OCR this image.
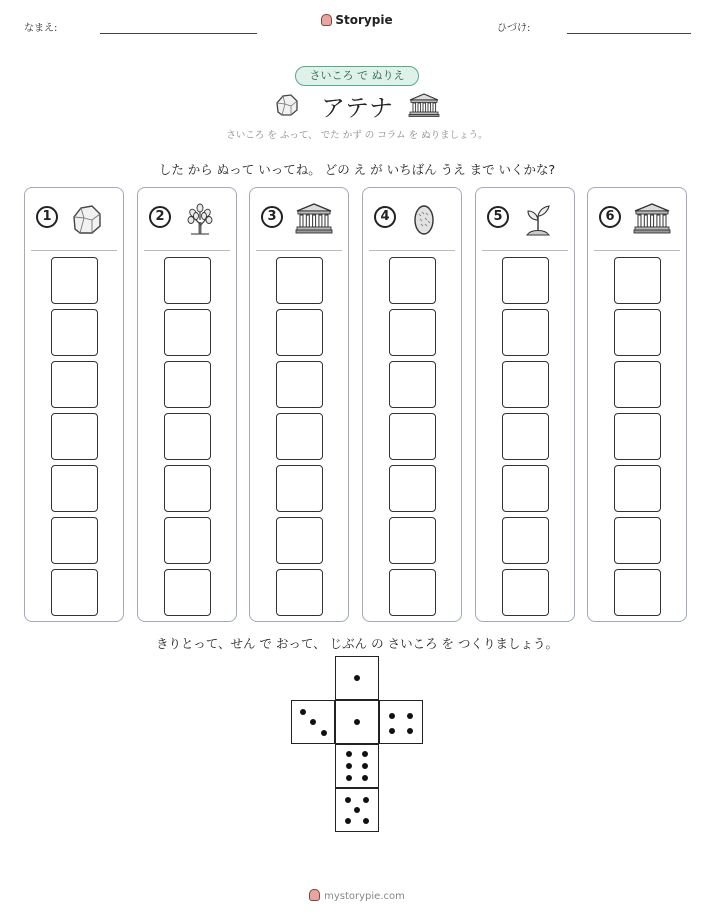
なまえ:
Storypie
ひづけ:
さいころ で ぬりえ
アテナ
さいころ を ふって、 でた かず の コラム を ぬりましょう。
した から ぬって いってね。 どの え が いちばん うえ まで いくかな?
1	2	3	4	5	6
きりとって、せん で おって、 じぶん の さいころ を つくりましょう。
mystorypie.com
